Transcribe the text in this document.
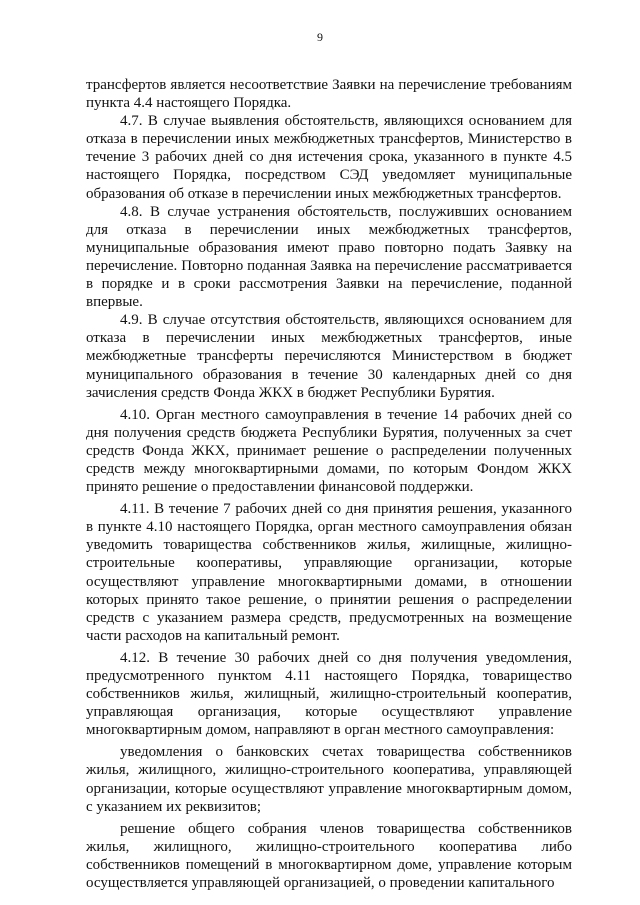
9

трансфертов является несоответствие Заявки на перечисление требованиям пункта 4.4 настоящего Порядка.

4.7. В случае выявления обстоятельств, являющихся основанием для отказа в перечислении иных межбюджетных трансфертов, Министерство в течение 3 рабочих дней со дня истечения срока, указанного в пункте 4.5 настоящего Порядка, посредством СЭД уведомляет муниципальные образования об отказе в перечислении иных межбюджетных трансфертов.

4.8. В случае устранения обстоятельств, послуживших основанием для отказа в перечислении иных межбюджетных трансфертов, муниципальные образования имеют право повторно подать Заявку на перечисление. Повторно поданная Заявка на перечисление рассматривается в порядке и в сроки рассмотрения Заявки на перечисление, поданной впервые.

4.9. В случае отсутствия обстоятельств, являющихся основанием для отказа в перечислении иных межбюджетных трансфертов, иные межбюджетные трансферты перечисляются Министерством в бюджет муниципального образования в течение 30 календарных дней со дня зачисления средств Фонда ЖКХ в бюджет Республики Бурятия.

4.10. Орган местного самоуправления в течение 14 рабочих дней со дня получения средств бюджета Республики Бурятия, полученных за счет средств Фонда ЖКХ, принимает решение о распределении полученных средств между многоквартирными домами, по которым Фондом ЖКХ принято решение о предоставлении финансовой поддержки.

4.11. В течение 7 рабочих дней со дня принятия решения, указанного в пункте 4.10 настоящего Порядка, орган местного самоуправления обязан уведомить товарищества собственников жилья, жилищные, жилищно-строительные кооперативы, управляющие организации, которые осуществляют управление многоквартирными домами, в отношении которых принято такое решение, о принятии решения о распределении средств с указанием размера средств, предусмотренных на возмещение части расходов на капитальный ремонт.

4.12. В течение 30 рабочих дней со дня получения уведомления, предусмотренного пунктом 4.11 настоящего Порядка, товарищество собственников жилья, жилищный, жилищно-строительный кооператив, управляющая организация, которые осуществляют управление многоквартирным домом, направляют в орган местного самоуправления:

уведомления о банковских счетах товарищества собственников жилья, жилищного, жилищно-строительного кооператива, управляющей организации, которые осуществляют управление многоквартирным домом, с указанием их реквизитов;

решение общего собрания членов товарищества собственников жилья, жилищного, жилищно-строительного кооператива либо собственников помещений в многоквартирном доме, управление которым осуществляется управляющей организацией, о проведении капитального
